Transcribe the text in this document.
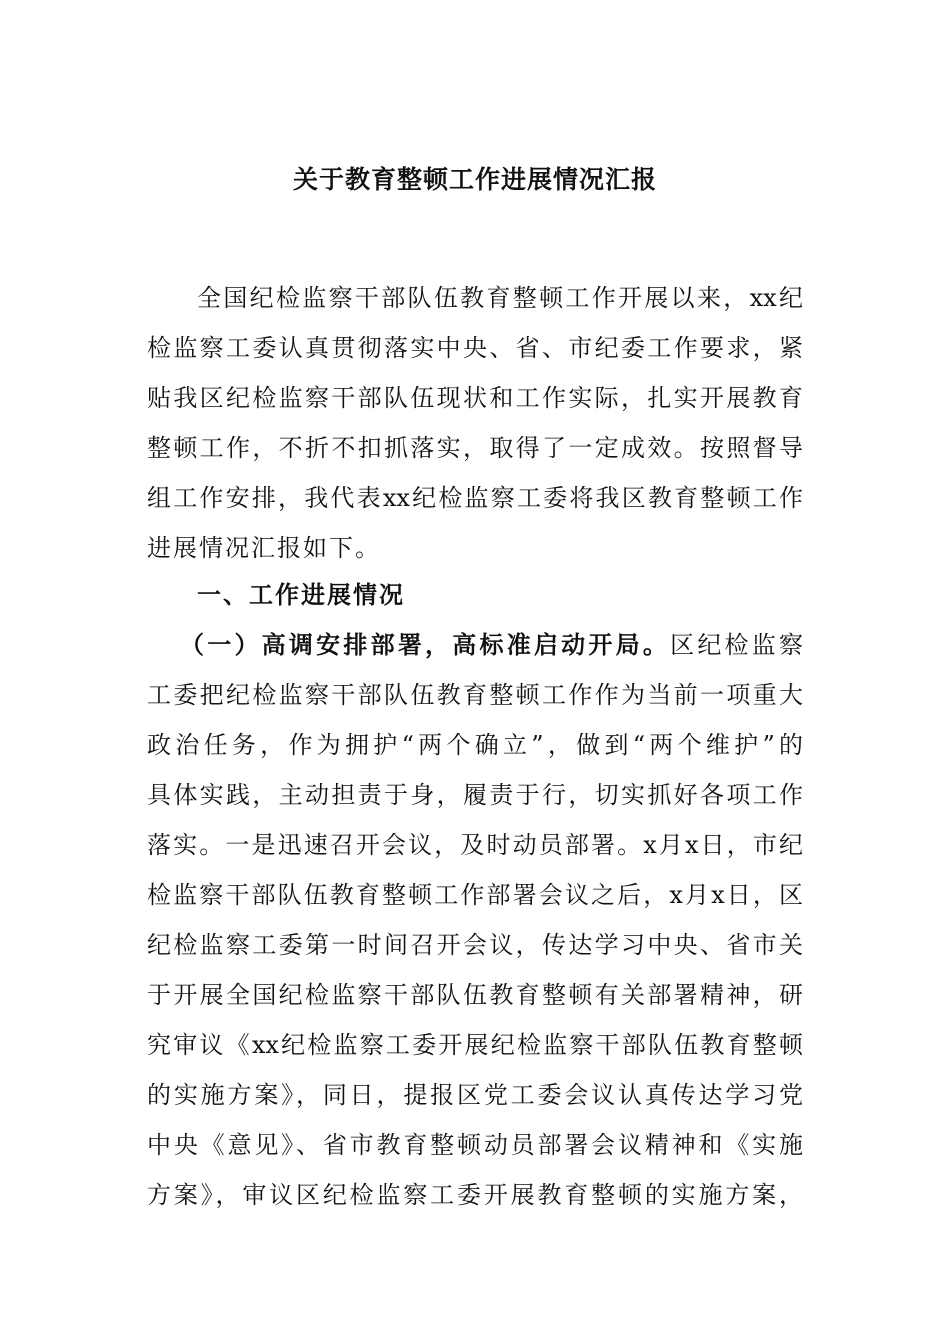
关于教育整顿工作进展情况汇报
全国纪检监察干部队伍教育整顿工作开展以来，xx纪
检监察工委认真贯彻落实中央、省、市纪委工作要求，紧
贴我区纪检监察干部队伍现状和工作实际，扎实开展教育
整顿工作，不折不扣抓落实，取得了一定成效。按照督导
组工作安排，我代表xx纪检监察工委将我区教育整顿工作
进展情况汇报如下。
一、工作进展情况
（一）高调安排部署，高标准启动开局。区纪检监察
工委把纪检监察干部队伍教育整顿工作作为当前一项重大
政治任务，作为拥护“两个确立”，做到“两个维护”的
具体实践，主动担责于身，履责于行，切实抓好各项工作
落实。一是迅速召开会议，及时动员部署。x月x日，市纪
检监察干部队伍教育整顿工作部署会议之后，x月x日，区
纪检监察工委第一时间召开会议，传达学习中央、省市关
于开展全国纪检监察干部队伍教育整顿有关部署精神，研
究审议《xx纪检监察工委开展纪检监察干部队伍教育整顿
的实施方案》，同日，提报区党工委会议认真传达学习党
中央《意见》、省市教育整顿动员部署会议精神和《实施
方案》，审议区纪检监察工委开展教育整顿的实施方案，
